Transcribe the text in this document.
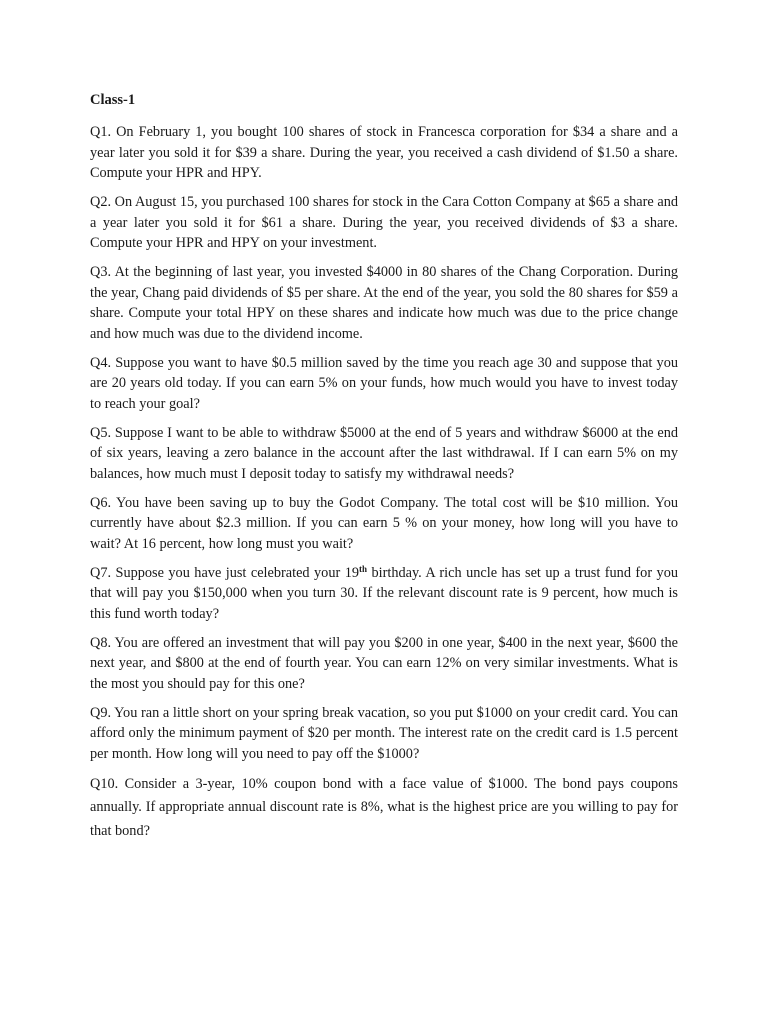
Class-1

Q1. On February 1, you bought 100 shares of stock in Francesca corporation for $34 a share and a year later you sold it for $39 a share. During the year, you received a cash dividend of $1.50 a share. Compute your HPR and HPY.

Q2. On August 15, you purchased 100 shares for stock in the Cara Cotton Company at $65 a share and a year later you sold it for $61 a share. During the year, you received dividends of $3 a share. Compute your HPR and HPY on your investment.

Q3. At the beginning of last year, you invested $4000 in 80 shares of the Chang Corporation. During the year, Chang paid dividends of $5 per share. At the end of the year, you sold the 80 shares for $59 a share. Compute your total HPY on these shares and indicate how much was due to the price change and how much was due to the dividend income.

Q4. Suppose you want to have $0.5 million saved by the time you reach age 30 and suppose that you are 20 years old today. If you can earn 5% on your funds, how much would you have to invest today to reach your goal?

Q5. Suppose I want to be able to withdraw $5000 at the end of 5 years and withdraw $6000 at the end of six years, leaving a zero balance in the account after the last withdrawal. If I can earn 5% on my balances, how much must I deposit today to satisfy my withdrawal needs?

Q6. You have been saving up to buy the Godot Company. The total cost will be $10 million. You currently have about $2.3 million. If you can earn 5 % on your money, how long will you have to wait? At 16 percent, how long must you wait?

Q7. Suppose you have just celebrated your 19th birthday. A rich uncle has set up a trust fund for you that will pay you $150,000 when you turn 30. If the relevant discount rate is 9 percent, how much is this fund worth today?

Q8. You are offered an investment that will pay you $200 in one year, $400 in the next year, $600 the next year, and $800 at the end of fourth year. You can earn 12% on very similar investments. What is the most you should pay for this one?

Q9. You ran a little short on your spring break vacation, so you put $1000 on your credit card. You can afford only the minimum payment of $20 per month. The interest rate on the credit card is 1.5 percent per month. How long will you need to pay off the $1000?

Q10. Consider a 3-year, 10% coupon bond with a face value of $1000. The bond pays coupons annually. If appropriate annual discount rate is 8%, what is the highest price are you willing to pay for that bond?
